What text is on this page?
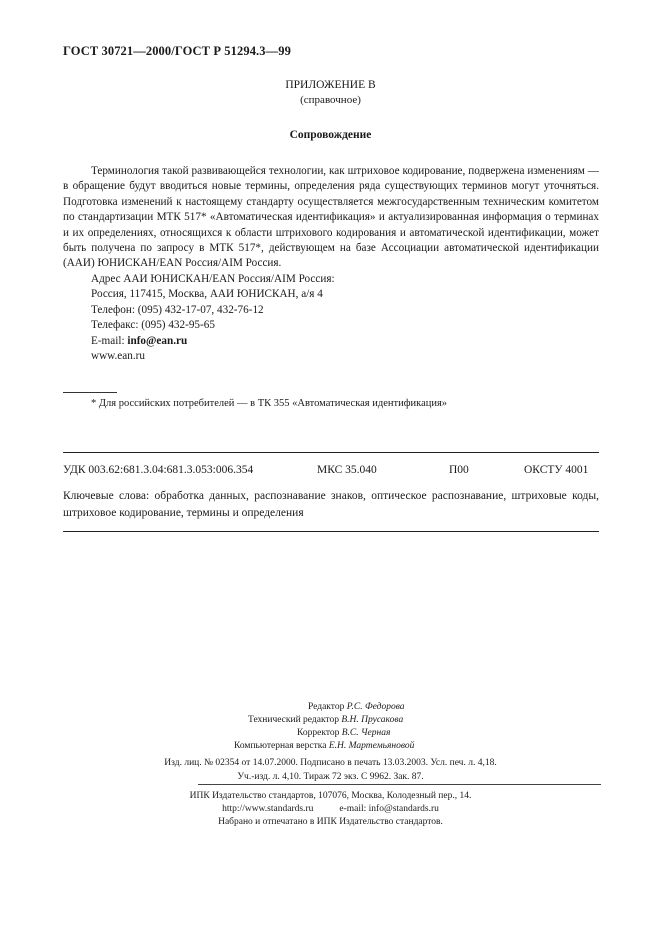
ГОСТ 30721—2000/ГОСТ Р 51294.3—99
ПРИЛОЖЕНИЕ В
(справочное)
Сопровождение
Терминология такой развивающейся технологии, как штриховое кодирование, подвержена изменениям — в обращение будут вводиться новые термины, определения ряда существующих терминов могут уточняться. Подготовка изменений к настоящему стандарту осуществляется межгосударственным техническим комитетом по стандартизации МТК 517* «Автоматическая идентификация» и актуализированная информация о терминах и их определениях, относящихся к области штрихового кодирования и автоматической идентификации, может быть получена по запросу в МТК 517*, действующем на базе Ассоциации автоматической идентификации (ААИ) ЮНИСКАН/EAN Россия/AIM Россия.
Адрес ААИ ЮНИСКАН/EAN Россия/AIM Россия:
Россия, 117415, Москва, ААИ ЮНИСКАН, а/я 4
Телефон: (095) 432-17-07, 432-76-12
Телефакс: (095) 432-95-65
E-mail: info@ean.ru
www.ean.ru
* Для российских потребителей — в ТК 355 «Автоматическая идентификация»
УДК 003.62:681.3.04:681.3.053:006.354	МКС 35.040	П00	ОКСТУ 4001
Ключевые слова: обработка данных, распознавание знаков, оптическое распознавание, штриховые коды, штриховое кодирование, термины и определения
Редактор Р.С. Федорова
Технический редактор В.Н. Прусакова
Корректор В.С. Черная
Компьютерная верстка Е.Н. Мартемьяновой
Изд. лиц. № 02354 от 14.07.2000. Подписано в печать 13.03.2003. Усл. печ. л. 4,18.
Уч.-изд. л. 4,10. Тираж 72 экз. С 9962. Зак. 87.
ИПК Издательство стандартов, 107076, Москва, Колодезный пер., 14.
http://www.standards.ru	e-mail: info@standards.ru
Набрано и отпечатано в ИПК Издательство стандартов.
